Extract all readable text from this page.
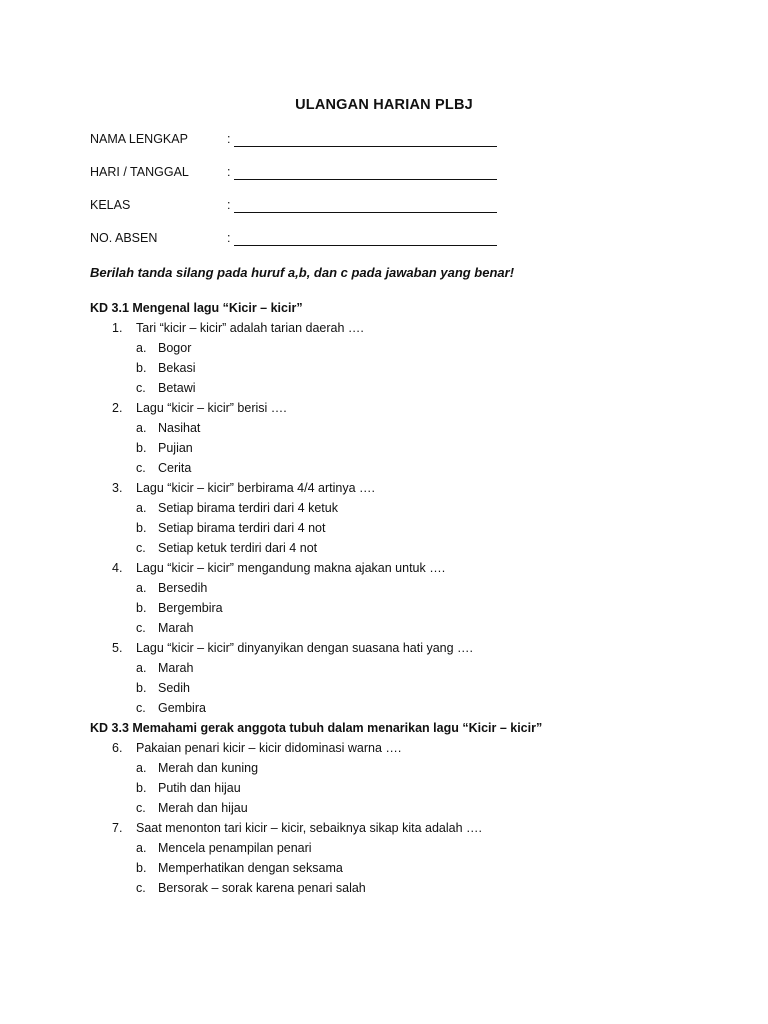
ULANGAN HARIAN PLBJ
NAMA LENGKAP	:
HARI / TANGGAL	:
KELAS	:
NO. ABSEN	:
Berilah tanda silang pada huruf a,b, dan c pada jawaban yang benar!
KD 3.1 Mengenal lagu “Kicir – kicir”
1.	Tari “kicir – kicir” adalah tarian daerah ….
a. Bogor
b. Bekasi
c. Betawi
2.	Lagu “kicir – kicir” berisi ….
a. Nasihat
b. Pujian
c. Cerita
3.	Lagu “kicir – kicir” berbirama 4/4 artinya ….
a. Setiap birama terdiri dari 4 ketuk
b. Setiap birama terdiri dari 4 not
c. Setiap ketuk terdiri dari 4 not
4.	Lagu “kicir – kicir” mengandung makna ajakan untuk ….
a. Bersedih
b. Bergembira
c. Marah
5.	Lagu “kicir – kicir” dinyanyikan dengan suasana hati yang ….
a. Marah
b. Sedih
c. Gembira
KD 3.3 Memahami gerak anggota tubuh dalam menarikan lagu “Kicir – kicir”
6.	Pakaian penari kicir – kicir didominasi warna ….
a. Merah dan kuning
b. Putih dan hijau
c. Merah dan hijau
7.	Saat menonton tari kicir – kicir, sebaiknya sikap kita adalah ….
a. Mencela penampilan penari
b. Memperhatikan dengan seksama
c. Bersorak – sorak karena penari salah
